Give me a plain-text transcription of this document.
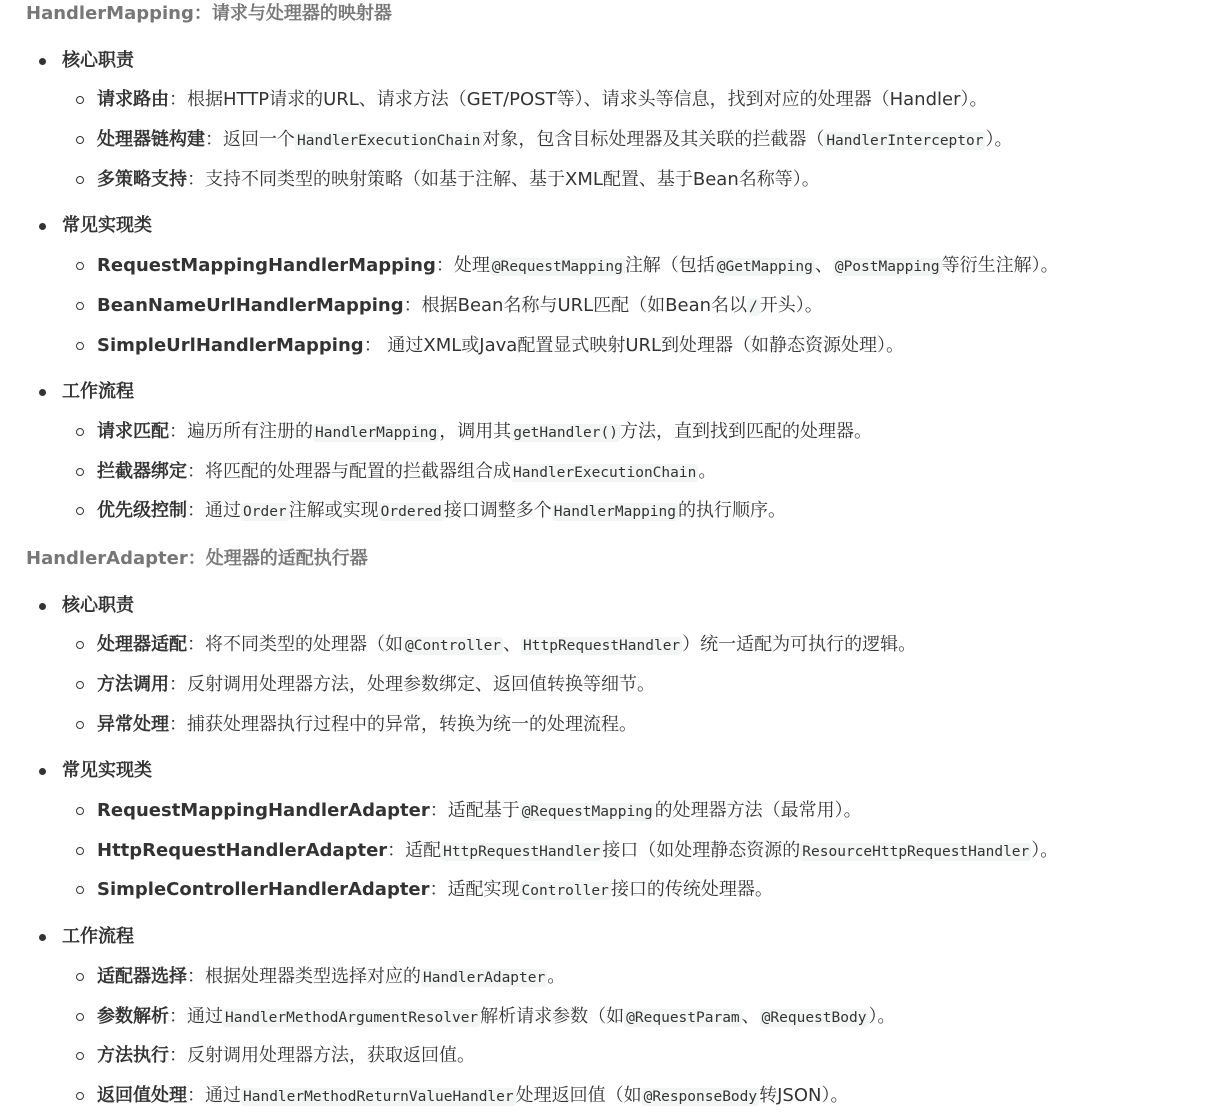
HandlerMapping：请求与处理器的映射器
核心职责
请求路由：根据HTTP请求的URL、请求方法（GET/POST等）、请求头等信息，找到对应的处理器（Handler）。
处理器链构建：返回一个 HandlerExecutionChain 对象，包含目标处理器及其关联的拦截器（ HandlerInterceptor ）。
多策略支持：支持不同类型的映射策略（如基于注解、基于XML配置、基于Bean名称等）。
常见实现类
RequestMappingHandlerMapping：处理 @RequestMapping 注解（包括 @GetMapping 、 @PostMapping 等衍生注解）。
BeanNameUrlHandlerMapping：根据Bean名称与URL匹配（如Bean名以 / 开头）。
SimpleUrlHandlerMapping： 通过XML或Java配置显式映射URL到处理器（如静态资源处理）。
工作流程
请求匹配：遍历所有注册的 HandlerMapping ，调用其 getHandler() 方法，直到找到匹配的处理器。
拦截器绑定：将匹配的处理器与配置的拦截器组合成 HandlerExecutionChain 。
优先级控制：通过 Order 注解或实现 Ordered 接口调整多个 HandlerMapping 的执行顺序。
HandlerAdapter：处理器的适配执行器
核心职责
处理器适配：将不同类型的处理器（如 @Controller 、 HttpRequestHandler ）统一适配为可执行的逻辑。
方法调用：反射调用处理器方法，处理参数绑定、返回值转换等细节。
异常处理：捕获处理器执行过程中的异常，转换为统一的处理流程。
常见实现类
RequestMappingHandlerAdapter：适配基于 @RequestMapping 的处理器方法（最常用）。
HttpRequestHandlerAdapter：适配 HttpRequestHandler 接口（如处理静态资源的 ResourceHttpRequestHandler ）。
SimpleControllerHandlerAdapter：适配实现 Controller 接口的传统处理器。
工作流程
适配器选择：根据处理器类型选择对应的 HandlerAdapter 。
参数解析：通过 HandlerMethodArgumentResolver 解析请求参数（如 @RequestParam 、 @RequestBody ）。
方法执行：反射调用处理器方法，获取返回值。
返回值处理：通过 HandlerMethodReturnValueHandler 处理返回值（如 @ResponseBody 转JSON）。
